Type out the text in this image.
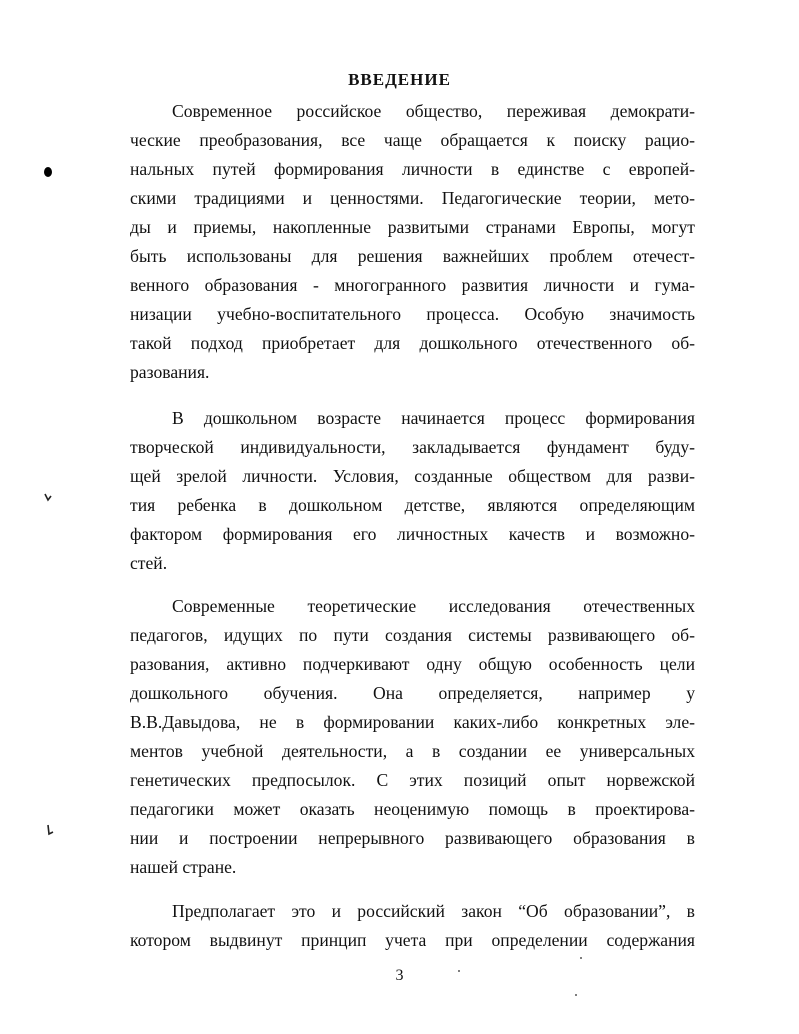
ВВЕДЕНИЕ
Современное российское общество, переживая демократи-
ческие преобразования, все чаще обращается к поиску рацио-
нальных путей формирования личности в единстве с европей-
скими традициями и ценностями. Педагогические теории, мето-
ды и приемы, накопленные развитыми странами Европы, могут
быть использованы для решения важнейших проблем отечест-
венного образования - многогранного развития личности и гума-
низации учебно-воспитательного процесса. Особую значимость
такой подход приобретает для дошкольного отечественного об-
разования.
В дошкольном возрасте начинается процесс формирования
творческой индивидуальности, закладывается фундамент буду-
щей зрелой личности. Условия, созданные обществом для разви-
тия ребенка в дошкольном детстве, являются определяющим
фактором формирования его личностных качеств и возможно-
стей.
Современные теоретические исследования отечественных
педагогов, идущих по пути создания системы развивающего об-
разования, активно подчеркивают одну общую особенность цели
дошкольного обучения. Она определяется, например у
В.В.Давыдова, не в формировании каких-либо конкретных эле-
ментов учебной деятельности, а в создании ее универсальных
генетических предпосылок. С этих позиций опыт норвежской
педагогики может оказать неоценимую помощь в проектирова-
нии и построении непрерывного развивающего образования в
нашей стране.
Предполагает это и российский закон “Об образовании”, в
котором выдвинут принцип учета при определении содержания
3
